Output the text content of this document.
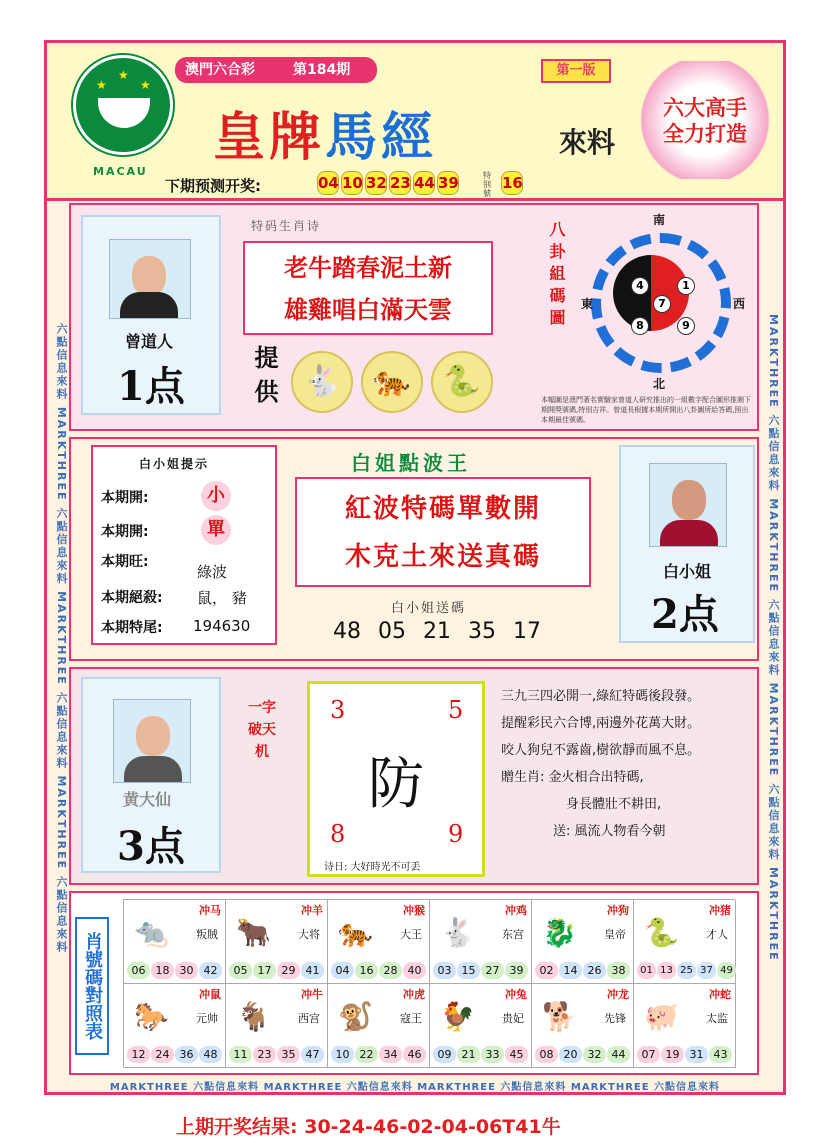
★
★	★
MACAU
澳門六合彩	第184期	第一版
皇牌馬經	來料
六大高手
全力打造
下期预测开奖:	04 10 32 23 44 39	特别號
16
六點信息來料 MARKTHREE 六點信息來料 MARKTHREE 六點信息來料 MARKTHREE 六點信息來料	MARKTHREE 六點信息來料 MARKTHREE 六點信息來料 MARKTHREE 六點信息來料 MARKTHREE
曾道人
1点
特码生肖诗
老牛踏春泥土新
雄雞唱白滿天雲
提供 🐇	🐅	🐍
八卦組碼圖	4	1
7
8	9
南
北
東	西
本幅圖是澳門著名實驗家曾道人研究推出的一組數字配合圖形推測下期開獎號碼,特別吉祥。曾道長根據本期所開出八卦圖所給答碼,照出本期最佳號碼。
白小姐提示
本期開:	小
本期開:	單
本期旺:
綠波
本期絕殺: 鼠， 豬
本期特尾: 194630
白姐點波王
紅波特碼單數開
木克土來送真碼
白小姐送碼
48 05 21 35 17
白小姐
2点
黄大仙
3点
一字破天机
3	5
防
8	9
诗日: 大好時光不可丢
三九三四必開一,綠紅特碼後段發。
提醒彩民六合博,兩邊外花萬大財。
咬人狗兒不露齒,樹欲靜而風不息。
贈生肖: 金火相合出特碼,
　　　　　身長體壯不耕田,
　　　　送: 風流人物看今朝
肖號碼對照表
冲马
🐀	叛賊
06 18 30 42
冲羊
🐂	大将
05 17 29 41
冲猴
🐅	大王
04 16 28 40
冲鸡
🐇	东宫
03 15 27 39
冲狗
🐉	皇帝
02 14 26 38
冲猪
🐍	才人
01 13 25 37 49
冲鼠
🐎	元帅
12 24 36 48
冲牛
🐐	西宫
11 23 35 47
冲虎
🐒	寇王
10 22 34 46
冲兔
🐓	贵妃
09 21 33 45
冲龙
🐕	先锋
08 20 32 44
冲蛇
🐖	太监
07 19 31 43
MARKTHREE 六點信息來料 MARKTHREE 六點信息來料 MARKTHREE 六點信息來料 MARKTHREE 六點信息來料
上期开奖结果: 30-24-46-02-04-06T41牛
